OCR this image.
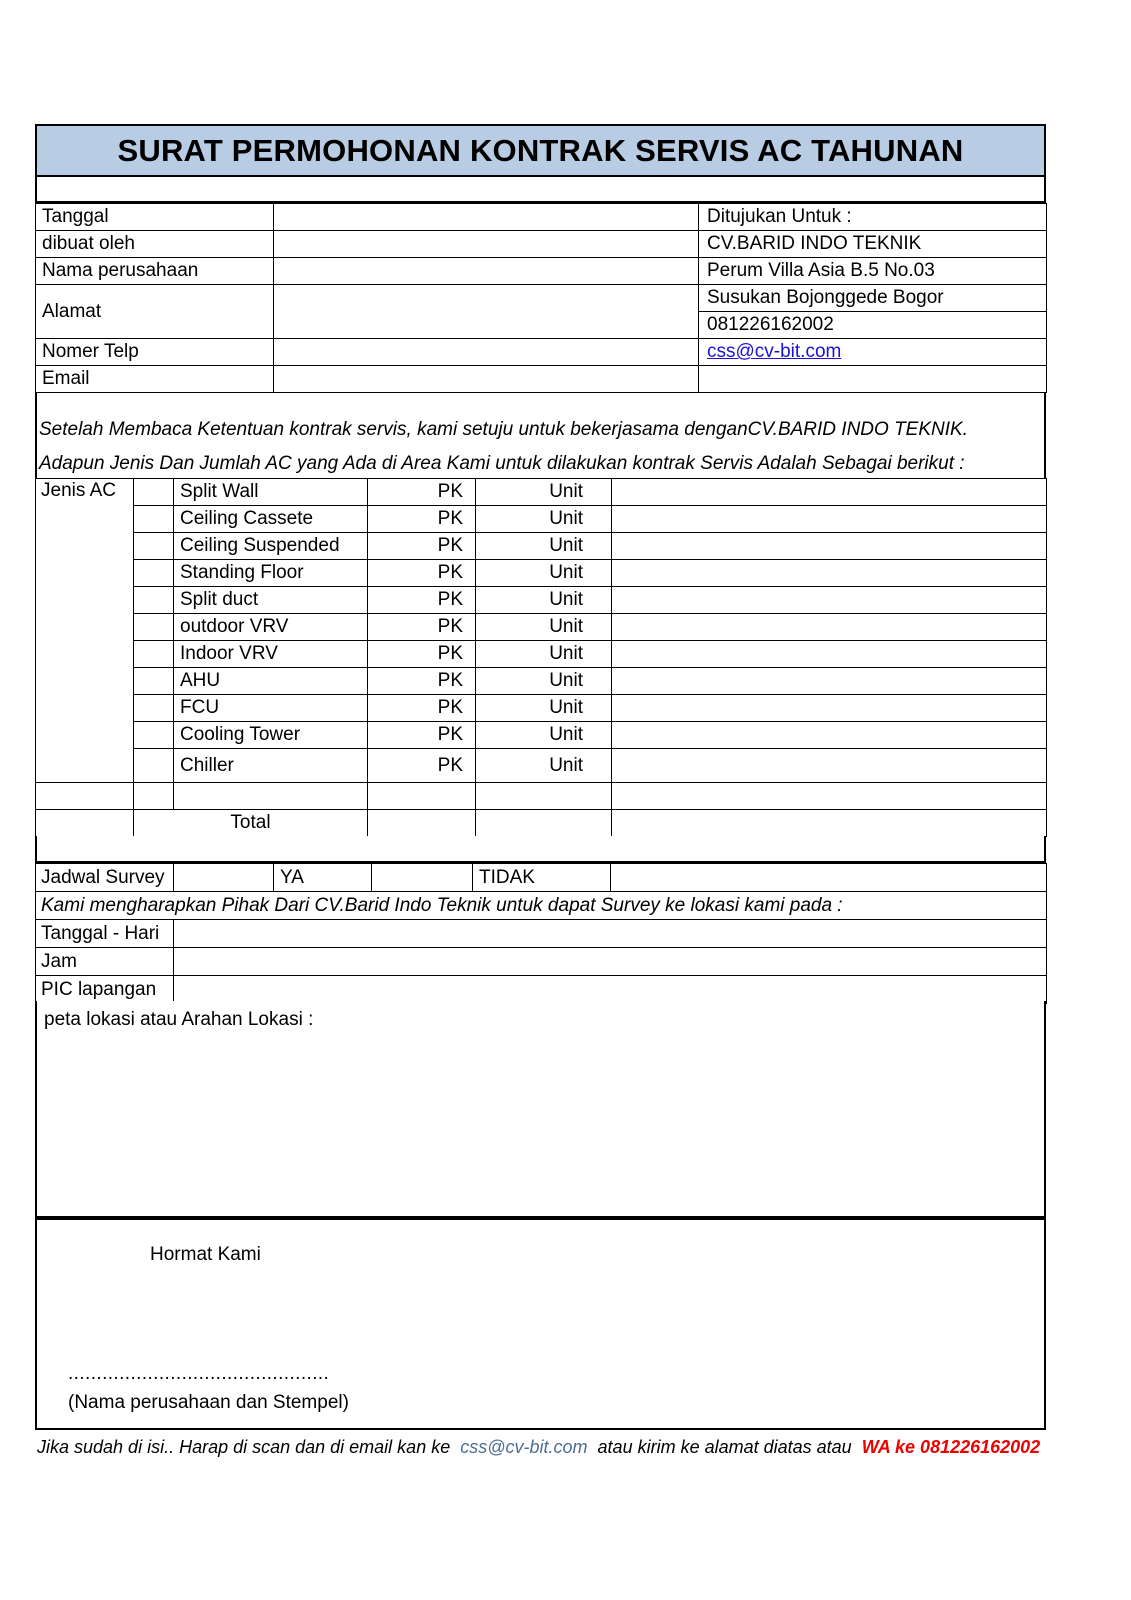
SURAT PERMOHONAN KONTRAK SERVIS AC TAHUNAN
Tanggal		Ditujukan Untuk :
dibuat oleh		CV.BARID INDO TEKNIK
Nama perusahaan		Perum Villa Asia B.5 No.03
Alamat		Susukan Bojonggede Bogor
		081226162002
Nomer Telp		css@cv-bit.com
Email		
Setelah Membaca Ketentuan kontrak servis, kami setuju untuk bekerjasama denganCV.BARID INDO TEKNIK.
Adapun Jenis Dan Jumlah AC yang Ada di Area Kami untuk dilakukan kontrak Servis Adalah Sebagai berikut :
Jenis AC		Split Wall	PK	Unit	
		Ceiling Cassete	PK	Unit	
		Ceiling Suspended	PK	Unit	
		Standing Floor	PK	Unit	
		Split duct	PK	Unit	
		outdoor VRV	PK	Unit	
		Indoor VRV	PK	Unit	
		AHU	PK	Unit	
		FCU	PK	Unit	
		Cooling Tower	PK	Unit	
		Chiller	PK	Unit	

	Total				
Jadwal Survey		YA		TIDAK	
Kami mengharapkan Pihak Dari CV.Barid Indo Teknik untuk dapat Survey ke lokasi kami pada :					
Tanggal - Hari					
Jam					
PIC lapangan					
peta lokasi atau Arahan Lokasi :
Hormat Kami
..............................................
(Nama perusahaan dan Stempel)
Jika sudah di isi.. Harap di scan dan di email kan ke css@cv-bit.com atau kirim ke alamat diatas atau WA ke 081226162002
